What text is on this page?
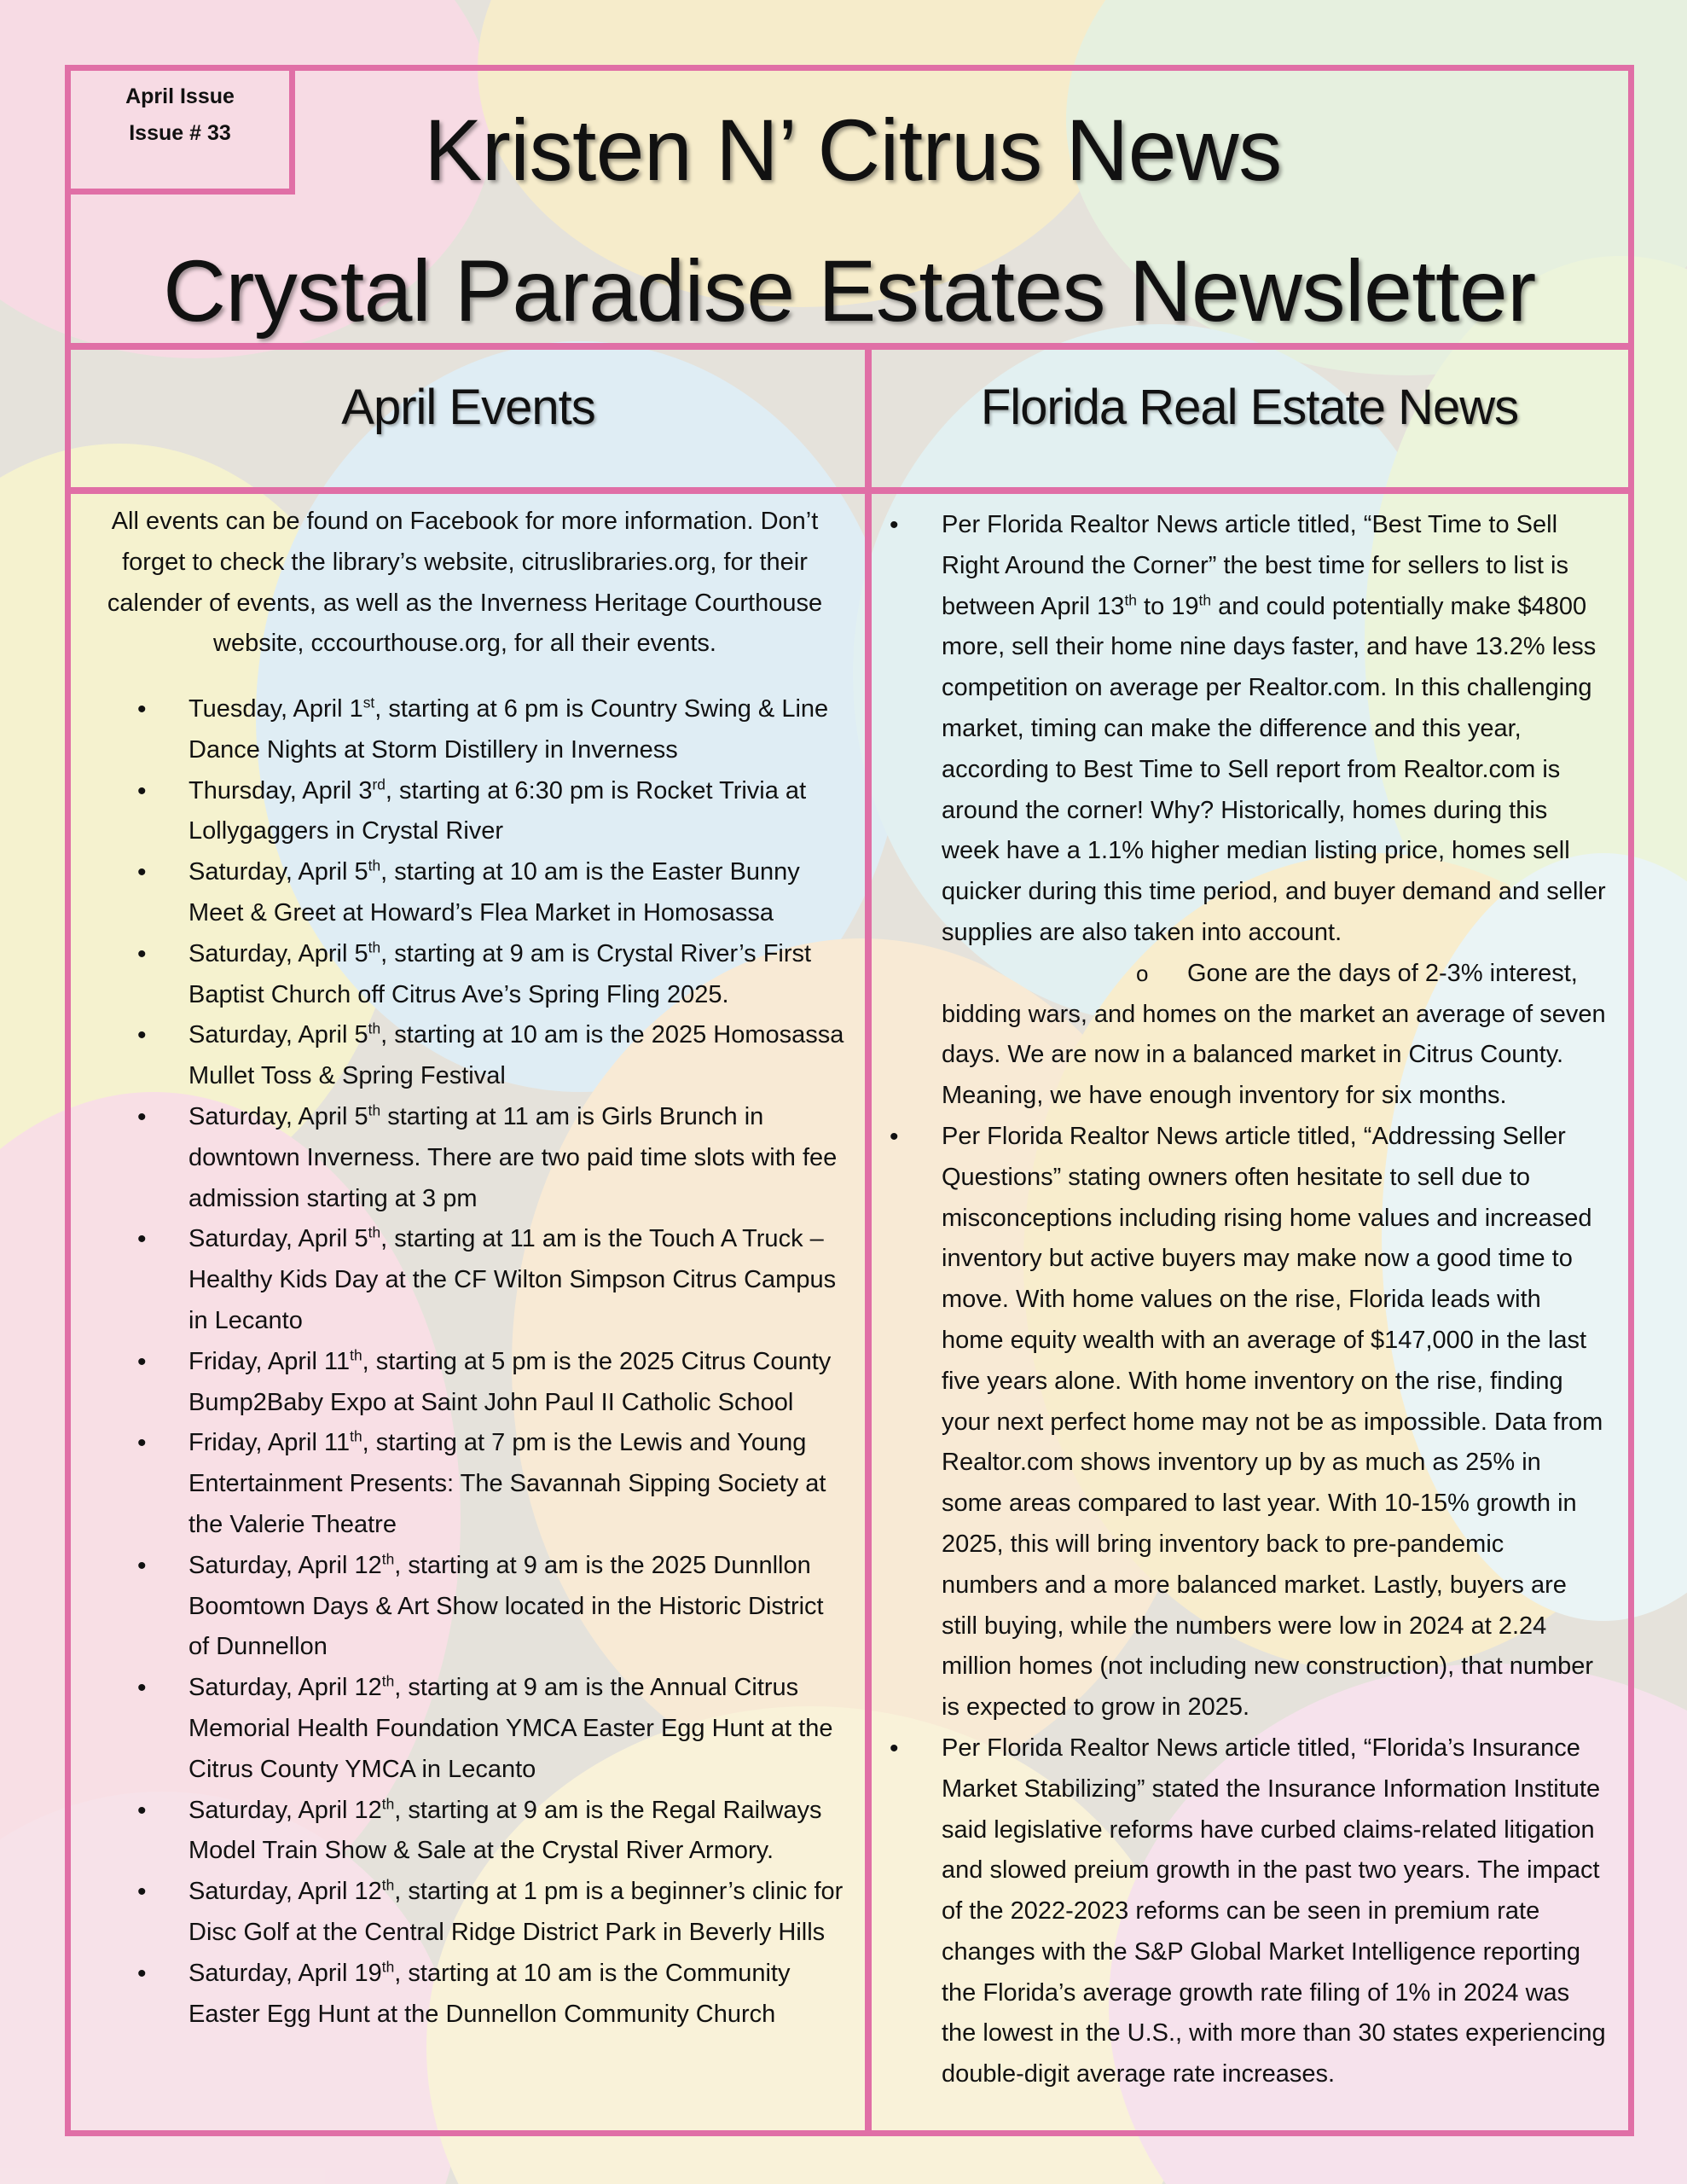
April Issue
Issue # 33	Kristen N’ Citrus News
Crystal Paradise Estates Newsletter
April Events	Florida Real Estate News
All events can be found on Facebook for more information. Don’t forget to check the library’s website, citruslibraries.org, for their calender of events, as well as the Inverness Heritage Courthouse website, cccourthouse.org, for all their events.
• Tuesday, April 1st, starting at 6 pm is Country Swing & Line Dance Nights at Storm Distillery in Inverness
• Thursday, April 3rd, starting at 6:30 pm is Rocket Trivia at Lollygaggers in Crystal River
• Saturday, April 5th, starting at 10 am is the Easter Bunny Meet & Greet at Howard’s Flea Market in Homosassa
• Saturday, April 5th, starting at 9 am is Crystal River’s First Baptist Church off Citrus Ave’s Spring Fling 2025.
• Saturday, April 5th, starting at 10 am is the 2025 Homosassa Mullet Toss & Spring Festival
• Saturday, April 5th starting at 11 am is Girls Brunch in downtown Inverness. There are two paid time slots with fee admission starting at 3 pm
• Saturday, April 5th, starting at 11 am is the Touch A Truck – Healthy Kids Day at the CF Wilton Simpson Citrus Campus in Lecanto
• Friday, April 11th, starting at 5 pm is the 2025 Citrus County Bump2Baby Expo at Saint John Paul II Catholic School
• Friday, April 11th, starting at 7 pm is the Lewis and Young Entertainment Presents: The Savannah Sipping Society at the Valerie Theatre
• Saturday, April 12th, starting at 9 am is the 2025 Dunnllon Boomtown Days & Art Show located in the Historic District of Dunnellon
• Saturday, April 12th, starting at 9 am is the Annual Citrus Memorial Health Foundation YMCA Easter Egg Hunt at the Citrus County YMCA in Lecanto
• Saturday, April 12th, starting at 9 am is the Regal Railways Model Train Show & Sale at the Crystal River Armory.
• Saturday, April 12th, starting at 1 pm is a beginner’s clinic for Disc Golf at the Central Ridge District Park in Beverly Hills
• Saturday, April 19th, starting at 10 am is the Community Easter Egg Hunt at the Dunnellon Community Church
• Per Florida Realtor News article titled, “Best Time to Sell Right Around the Corner” the best time for sellers to list is between April 13th to 19th and could potentially make $4800 more, sell their home nine days faster, and have 13.2% less competition on average per Realtor.com. In this challenging market, timing can make the difference and this year, according to Best Time to Sell report from Realtor.com is around the corner! Why? Historically, homes during this week have a 1.1% higher median listing price, homes sell quicker during this time period, and buyer demand and seller supplies are also taken into account.
o Gone are the days of 2-3% interest, bidding wars, and homes on the market an average of seven days. We are now in a balanced market in Citrus County. Meaning, we have enough inventory for six months.
• Per Florida Realtor News article titled, “Addressing Seller Questions” stating owners often hesitate to sell due to misconceptions including rising home values and increased inventory but active buyers may make now a good time to move. With home values on the rise, Florida leads with home equity wealth with an average of $147,000 in the last five years alone. With home inventory on the rise, finding your next perfect home may not be as impossible. Data from Realtor.com shows inventory up by as much as 25% in some areas compared to last year. With 10-15% growth in 2025, this will bring inventory back to pre-pandemic numbers and a more balanced market. Lastly, buyers are still buying, while the numbers were low in 2024 at 2.24 million homes (not including new construction), that number is expected to grow in 2025.
• Per Florida Realtor News article titled, “Florida’s Insurance Market Stabilizing” stated the Insurance Information Institute said legislative reforms have curbed claims-related litigation and slowed preium growth in the past two years. The impact of the 2022-2023 reforms can be seen in premium rate changes with the S&P Global Market Intelligence reporting the Florida’s average growth rate filing of 1% in 2024 was the lowest in the U.S., with more than 30 states experiencing double-digit average rate increases.
